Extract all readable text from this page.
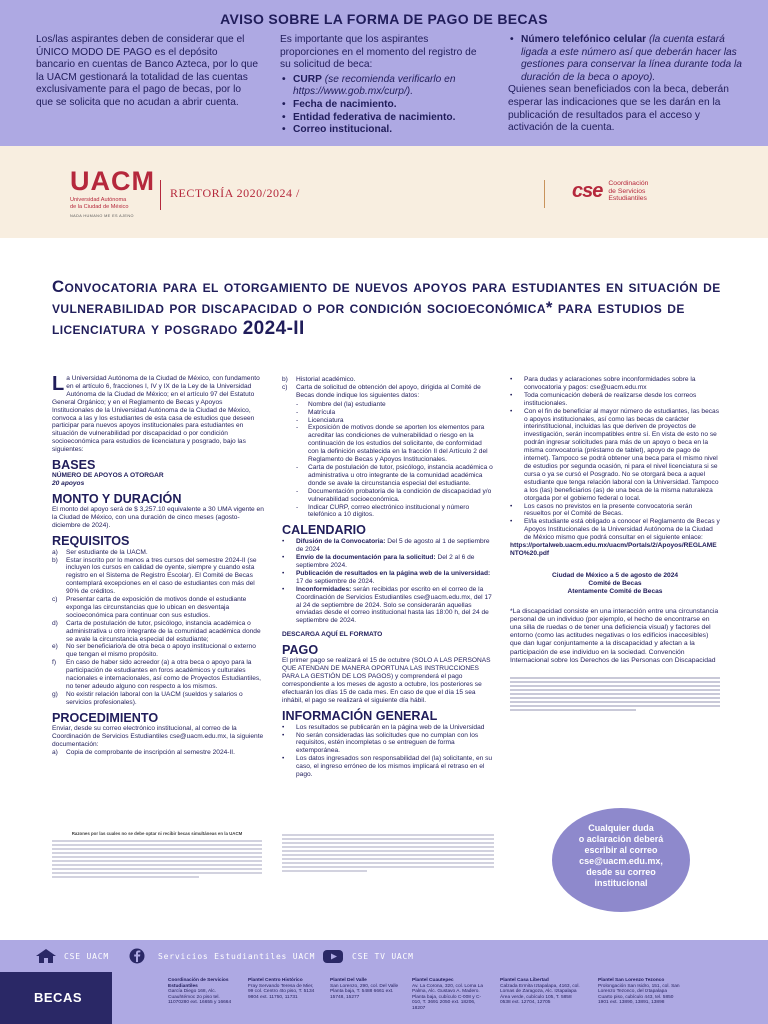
AVISO SOBRE LA FORMA DE PAGO DE BECAS

Los/las aspirantes deben de considerar que el ÚNICO MODO DE PAGO es el depósito bancario en cuentas de Banco Azteca, por lo que la UACM gestionará la totalidad de las cuentas exclusivamente para el pago de becas, por lo que se solicita que no acudan a abrir cuenta.

Es importante que los aspirantes proporciones en el momento del registro de su solicitud de beca:

• CURP (se recomienda verificarlo en https://www.gob.mx/curp/).
• Fecha de nacimiento.
• Entidad federativa de nacimiento.
• Correo institucional.
• Número telefónico celular (la cuenta estará ligada a este número así que deberán hacer las gestiones para conservar la línea durante toda la duración de la beca o apoyo).

Quienes sean beneficiados con la beca, deberán esperar las indicaciones que se les darán en la publicación de resultados para el acceso y activación de la cuenta.

UACM
Universidad Autónoma
de la Ciudad de México
NADA HUMANO ME ES AJENO
RECTORÍA 2020/2024 /	cse Coordinación
de Servicios
Estudiantiles
Convocatoria para el otorgamiento de nuevos apoyos para estudiantes en situación de vulnerabilidad por discapacidad o por condición socioeconómica* para estudios de licenciatura y posgrado 2024-II

La Universidad Autónoma de la Ciudad de México, con fundamento en el artículo 6, fracciones I, IV y IX de la Ley de la Universidad Autónoma de la Ciudad de México; en el artículo 97 del Estatuto General Orgánico; y en el Reglamento de Becas y Apoyos Institucionales de la Universidad Autónoma de la Ciudad de México, convoca a las y los estudiantes de esta casa de estudios que deseen participar para nuevos apoyos institucionales para estudiantes en situación de vulnerabilidad por discapacidad o por condición socioeconómica para estudios de licenciatura y posgrado, bajo las siguientes:

BASES
NÚMERO DE APOYOS A OTORGAR
20 apoyos
MONTO Y DURACIÓN

El monto del apoyo será de $ 3,257.10 equivalente a 30 UMA vigente en la Ciudad de México, con una duración de cinco meses (agosto-diciembre de 2024).

REQUISITOS
a) Ser estudiante de la UACM.
b) Estar inscrito por lo menos a tres cursos del semestre 2024-II (se incluyen los cursos en calidad de oyente, siempre y cuando esta registro en el Sistema de Registro Escolar). El Comité de Becas contemplará excepciones en el caso de estudiantes con más del 90% de créditos.
c) Presentar carta de exposición de motivos donde el estudiante exponga las circunstancias que lo ubican en desventaja socioeconómica para continuar con sus estudios.
d) Carta de postulación de tutor, psicólogo, instancia académica o administrativa u otro integrante de la comunidad académica donde se avale la circunstancia especial del estudiante;
e) No ser beneficiario/a de otra beca o apoyo institucional o externo que tengan el mismo propósito.
f) En caso de haber sido acreedor (a) a otra beca o apoyo para la participación de estudiantes en foros académicos y culturales nacionales e internacionales, así como de Proyectos Estudiantiles, no tener adeudo alguno con respecto a los mismos.
g) No existir relación laboral con la UACM (sueldos y salarios o servicios profesionales).
PROCEDIMIENTO

Enviar, desde su correo electrónico institucional, al correo de la Coordinación de Servicios Estudiantiles cse@uacm.edu.mx, la siguiente documentación:

a) Copia de comprobante de inscripción al semestre 2024-II.
b) Historial académico.
c) Carta de solicitud de obtención del apoyo, dirigida al Comité de Becas donde indique los siguientes datos:
- Nombre del (la) estudiante
- Matrícula
- Licenciatura
- Exposición de motivos donde se aporten los elementos para acreditar las condiciones de vulnerabilidad o riesgo en la continuación de los estudios del solicitante, de conformidad con la definición establecida en la fracción II del Artículo 2 del Reglamento de Becas y Apoyos Institucionales.
- Carta de postulación de tutor, psicólogo, instancia académica o administrativa u otro integrante de la comunidad académica donde se avale la circunstancia especial del estudiante.
- Documentación probatoria de la condición de discapacidad y/o vulnerabilidad socioeconómica.
- Indicar CURP, correo electrónico institucional y número telefónico a 10 dígitos.
CALENDARIO
• Difusión de la Convocatoria: Del 5 de agosto al 1 de septiembre de 2024
• Envío de la documentación para la solicitud: Del 2 al 6 de septiembre 2024.
• Publicación de resultados en la página web de la universidad: 17 de septiembre de 2024.
• Inconformidades: serán recibidas por escrito en el correo de la Coordinación de Servicios Estudiantiles cse@uacm.edu.mx, del 17 al 24 de septiembre de 2024. Solo se considerarán aquellas enviadas desde el correo institucional hasta las 18:00 h, del 24 de septiembre de 2024.

DESCARGA AQUÍ EL FORMATO

PAGO

El primer pago se realizará el 15 de octubre (SOLO A LAS PERSONAS QUE ATENDAN DE MANERA OPORTUNA LAS INSTRUCCIONES PARA LA GESTIÓN DE LOS PAGOS) y comprenderá el pago correspondiente a los meses de agosto a octubre, los posteriores se efectuarán los días 15 de cada mes. En caso de que el día 15 sea inhábil, el pago se realizará el siguiente día hábil.

INFORMACIÓN GENERAL
• Los resultados se publicarán en la página web de la Universidad
• No serán consideradas las solicitudes que no cumplan con los requisitos, estén incompletas o se entreguen de forma extemporánea.
• Los datos ingresados son responsabilidad del (la) solicitante, en su caso, el ingreso erróneo de los mismos implicará el retraso en el pago.
• Para dudas y aclaraciones sobre inconformidades sobre la convocatoria y pagos: cse@uacm.edu.mx
• Toda comunicación deberá de realizarse desde los correos institucionales.
• Con el fin de beneficiar al mayor número de estudiantes, las becas o apoyos institucionales, así como las becas de carácter interinstitucional, incluidas las que deriven de proyectos de investigación, serán incompatibles entre sí. En vista de esto no se podrán ingresar solicitudes para más de un apoyo o beca en la misma convocatoria (préstamo de tablet), apoyo de pago de internet). Tampoco se podrá obtener una beca para el mismo nivel de estudios por segunda ocasión, ni para el nivel licenciatura si se cursa o ya se cursó el Posgrado. No se otorgará beca a aquel estudiante que tenga relación laboral con la Universidad. Tampoco a los (las) beneficiarios (as) de una beca de la misma naturaleza otorgada por el gobierno federal o local.
• Los casos no previstos en la presente convocatoria serán resueltos por el Comité de Becas.
• El/la estudiante está obligado a conocer el Reglamento de Becas y Apoyos Institucionales de la Universidad Autónoma de la Ciudad de México mismo que podrá consultar en el siguiente enlace:

https://portalweb.uacm.edu.mx/uacm/Portals/2/Apoyos/REGLAMENTO%20.pdf

Ciudad de México a 5 de agosto de 2024
Comité de Becas
Atentamente Comité de Becas

*La discapacidad consiste en una interacción entre una circunstancia personal de un individuo (por ejemplo, el hecho de encontrarse en una silla de ruedas o de tener una deficiencia visual) y factores del entorno (como las actitudes negativas o los edificios inaccesibles) que dan lugar conjuntamente a la discapacidad y afectan a la participación de ese individuo en la sociedad. Convención Internacional sobre los Derechos de las Personas con Discapacidad

Razones por las cuales no se debe optar ni recibir becas simultáneas en la UACM
Cualquier duda
o aclaración deberá
escribir al correo
cse@uacm.edu.mx,
desde su correo
institucional
CSE UACM	Servicios Estudiantiles UACM	CSE TV UACM
BECAS
Coordinación de Servicios Estudiantiles
García Diego 168, Alc. Cuauhtémoc 2o piso tel. 11070280 ext. 16655 y 16664
Plantel Centro Histórico
Fray Servando Teresa de Mier, 99 col. Centro 4to piso, T. 5134 9804 ext. 11750, 11731
Plantel Del Valle
San Lorenzo, 290, col. Del Valle Planta baja, T. 5488 6661 ext. 15748, 15277
Plantel Cuautepec
Av. La Corona, 320, col. Loma La Palma, Alc. Gustavo A. Madero. Planta baja, cubículo C-008 y C-010, T. 3691 2050 ext. 18206, 18207
Plantel Casa Libertad
Calzada Ermita Iztapalapa, 4163, col. Lomas de Zaragoza, Alc. Iztapalapa Área verde, cubículo 105, T. 5858 0538 ext. 12704, 12705
Plantel San Lorenzo Tezonco
Prolongación San Isidro, 151, col. San Lorenzo Tezonco, del Iztapalapa Cuarto piso, cubículo 443, tel. 5850 1901 ext. 13890, 13891, 13898
